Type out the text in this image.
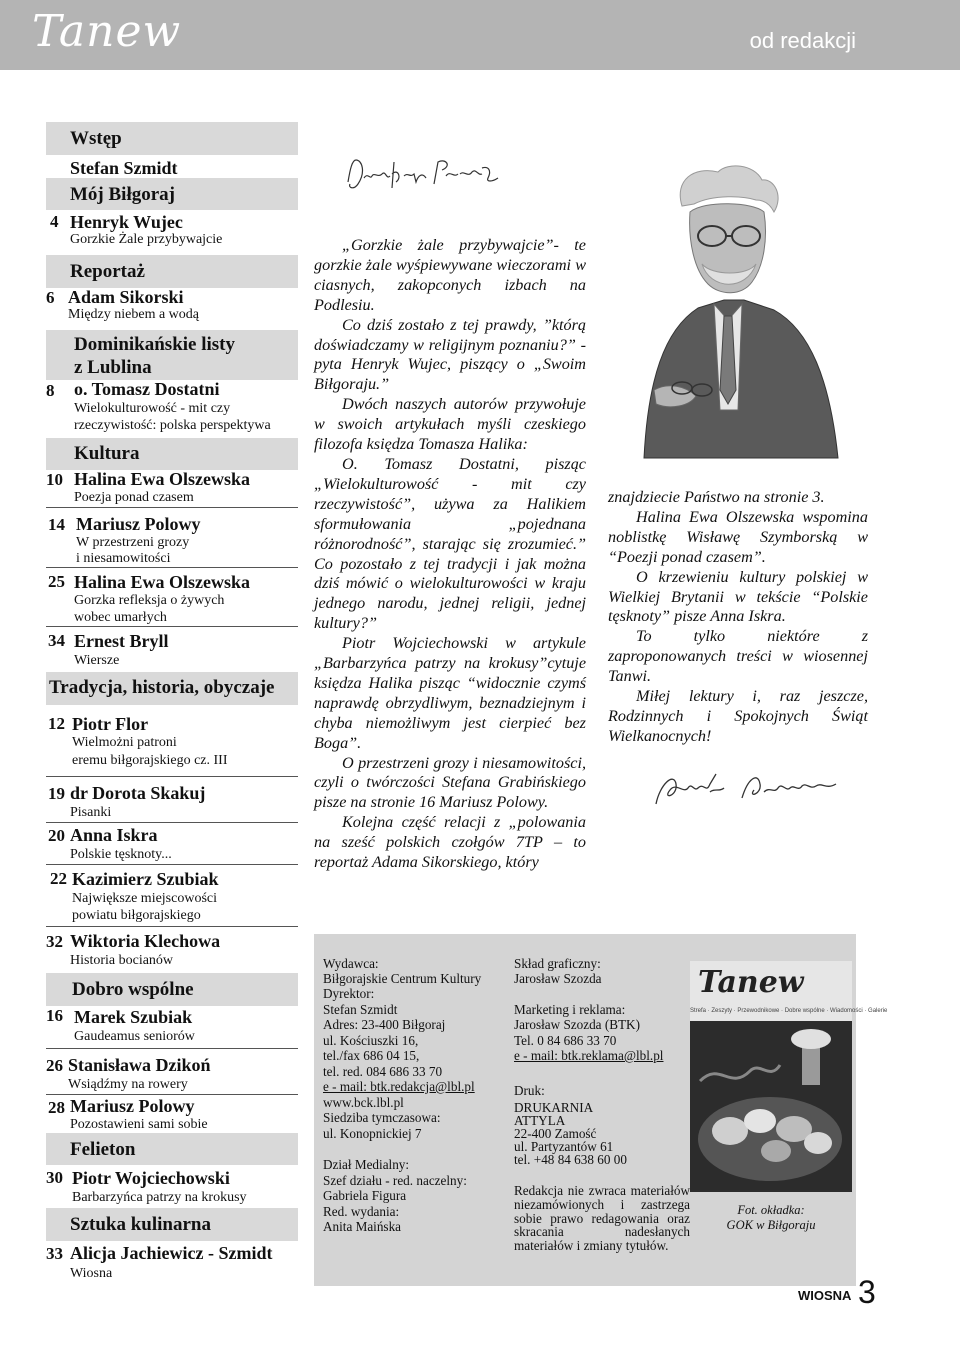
Tanew	od redakcji
Wstęp
Stefan Szmidt
Mój Biłgoraj
4 Henryk Wujec
Gorzkie Żale przybywajcie
Reportaż
6 Adam Sikorski
Między niebem a wodą
Dominikańskie listy
z Lublina
8 o. Tomasz Dostatni
Wielokulturowość - mit czy
rzeczywistość: polska perspektywa
Kultura
10 Halina Ewa Olszewska
Poezja ponad czasem
14 Mariusz Polowy
W przestrzeni grozy
i niesamowitości
25 Halina Ewa Olszewska
Gorzka refleksja o żywych
wobec umarłych
34 Ernest Bryll
Wiersze
Tradycja, historia, obyczaje
12 Piotr Flor
Wielmożni patroni
eremu biłgorajskiego cz. III
19 dr Dorota Skakuj
Pisanki
20 Anna Iskra
Polskie tęsknoty...
22 Kazimierz Szubiak
Największe miejscowości
powiatu biłgorajskiego
32 Wiktoria Klechowa
Historia bocianów
Dobro wspólne
16 Marek Szubiak
Gaudeamus seniorów
26 Stanisława Dzikoń
Wsiądźmy na rowery
28 Mariusz Polowy
Pozostawieni sami sobie
Felieton
30 Piotr Wojciechowski
Barbarzyńca patrzy na krokusy
Sztuka kulinarna
33 Alicja Jachiewicz - Szmidt
Wiosna

„Gorzkie żale przybywajcie”- te gorzkie żale wyśpiewywane wieczorami w ciasnych, zakopconych izbach na Podlesiu.

Co dziś zostało z tej prawdy, ”którą doświadczamy w religijnym poznaniu?” - pyta Henryk Wujec, piszący o „Swoim Biłgoraju.”

Dwóch naszych autorów przywołuje w swoich artykułach myśli czeskiego filozofa księdza Tomasza Halika:

O. Tomasz Dostatni, pisząc „Wielokulturowość - mit czy rzeczywistość”, używa za Halikiem sformułowania „pojednana różnorodność”, starając się zrozumieć.” Co pozostało z tej tradycji i jak można dziś mówić o wielokulturowości w kraju jednego narodu, jednej religii, jednej kultury?”

Piotr Wojciechowski w artykule „Barbarzyńca patrzy na krokusy”cytuje księdza Halika pisząc “widocznie czymś naprawdę obrzydliwym, beznadziejnym i chyba niemożliwym jest cierpieć bez Boga”.

O przestrzeni grozy i niesamowitości, czyli o twórczości Stefana Grabińskiego pisze na stronie 16 Mariusz Polowy.

Kolejna część relacji z „polowania na sześć polskich czołgów 7TP – to reportaż Adama Sikorskiego, który

znajdziecie Państwo na stronie 3.

Halina Ewa Olszewska wspomina noblistkę Wisławę Szymborską w “Poezji ponad czasem”.

O krzewieniu kultury polskiej w Wielkiej Brytanii w tekście “Polskie tęsknoty” pisze Anna Iskra.

To tylko niektóre z zaproponowanych treści w wiosennej Tanwi.

Miłej lektury i, raz jeszcze, Rodzinnych i Spokojnych Świąt Wielkanocnych!

Wydawca:
Biłgorajskie Centrum Kultury
Dyrektor:
Stefan Szmidt
Adres: 23-400 Biłgoraj
ul. Kościuszki 16,
tel./fax 686 04 15,
tel. red. 084 686 33 70
e - mail: btk.redakcja@lbl.pl
www.bck.lbl.pl
Siedziba tymczasowa:
ul. Konopnickiej 7
Dział Medialny:
Szef działu - red. naczelny:
Gabriela Figura
Red. wydania:
Anita Maińska
Skład graficzny:
Jarosław Szozda
Marketing i reklama:
Jarosław Szozda (BTK)
Tel. 0 84 686 33 70
e - mail: btk.reklama@lbl.pl
Druk:
DRUKARNIA
ATTYLA
22-400 Zamość
ul. Partyzantów 61
tel. +48 84 638 60 00
Redakcja nie zwraca materiałów niezamówionych i zastrzega sobie prawo redagowania oraz skracania nadesłanych materiałów i zmiany tytułów.
Tanew
Strefa · Zeszyty · Przewodnikowe · Dobre wspólne · Wiadomości · Galerie
Fot. okładka:
GOK w Biłgoraju
WIOSNA 3
